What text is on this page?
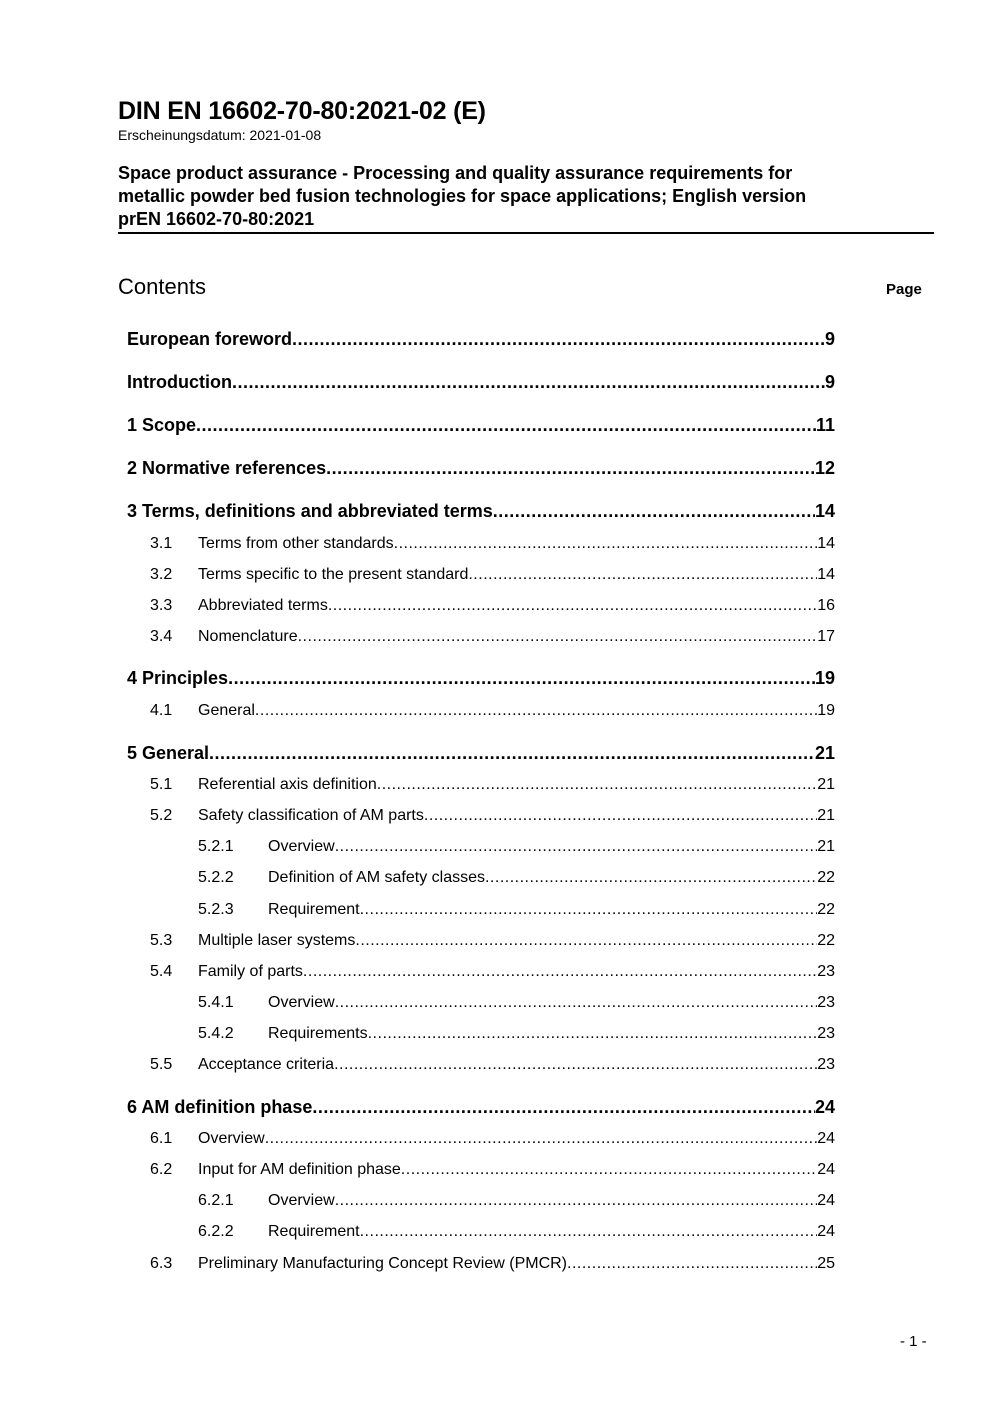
DIN EN 16602-70-80:2021-02 (E)
Erscheinungsdatum: 2021-01-08
Space product assurance - Processing and quality assurance requirements for
metallic powder bed fusion technologies for space applications; English version
prEN 16602-70-80:2021
Contents	Page
European foreword .....	9
Introduction .....	9
1 Scope .....	11
2 Normative references .....	12
3 Terms, definitions and abbreviated terms .....	14
3.1	Terms from other standards .....	14
3.2	Terms specific to the present standard .....	14
3.3	Abbreviated terms .....	16
3.4	Nomenclature .....	17
4 Principles .....	19
4.1	General .....	19
5 General .....	21
5.1	Referential axis definition .....	21
5.2	Safety classification of AM parts .....	21
5.2.1	Overview .....	21
5.2.2	Definition of AM safety classes .....	22
5.2.3	Requirement .....	22
5.3	Multiple laser systems .....	22
5.4	Family of parts .....	23
5.4.1	Overview .....	23
5.4.2	Requirements .....	23
5.5	Acceptance criteria .....	23
6 AM definition phase .....	24
6.1	Overview .....	24
6.2	Input for AM definition phase .....	24
6.2.1	Overview .....	24
6.2.2	Requirement .....	24
6.3	Preliminary Manufacturing Concept Review (PMCR) .....	25
- 1 -
